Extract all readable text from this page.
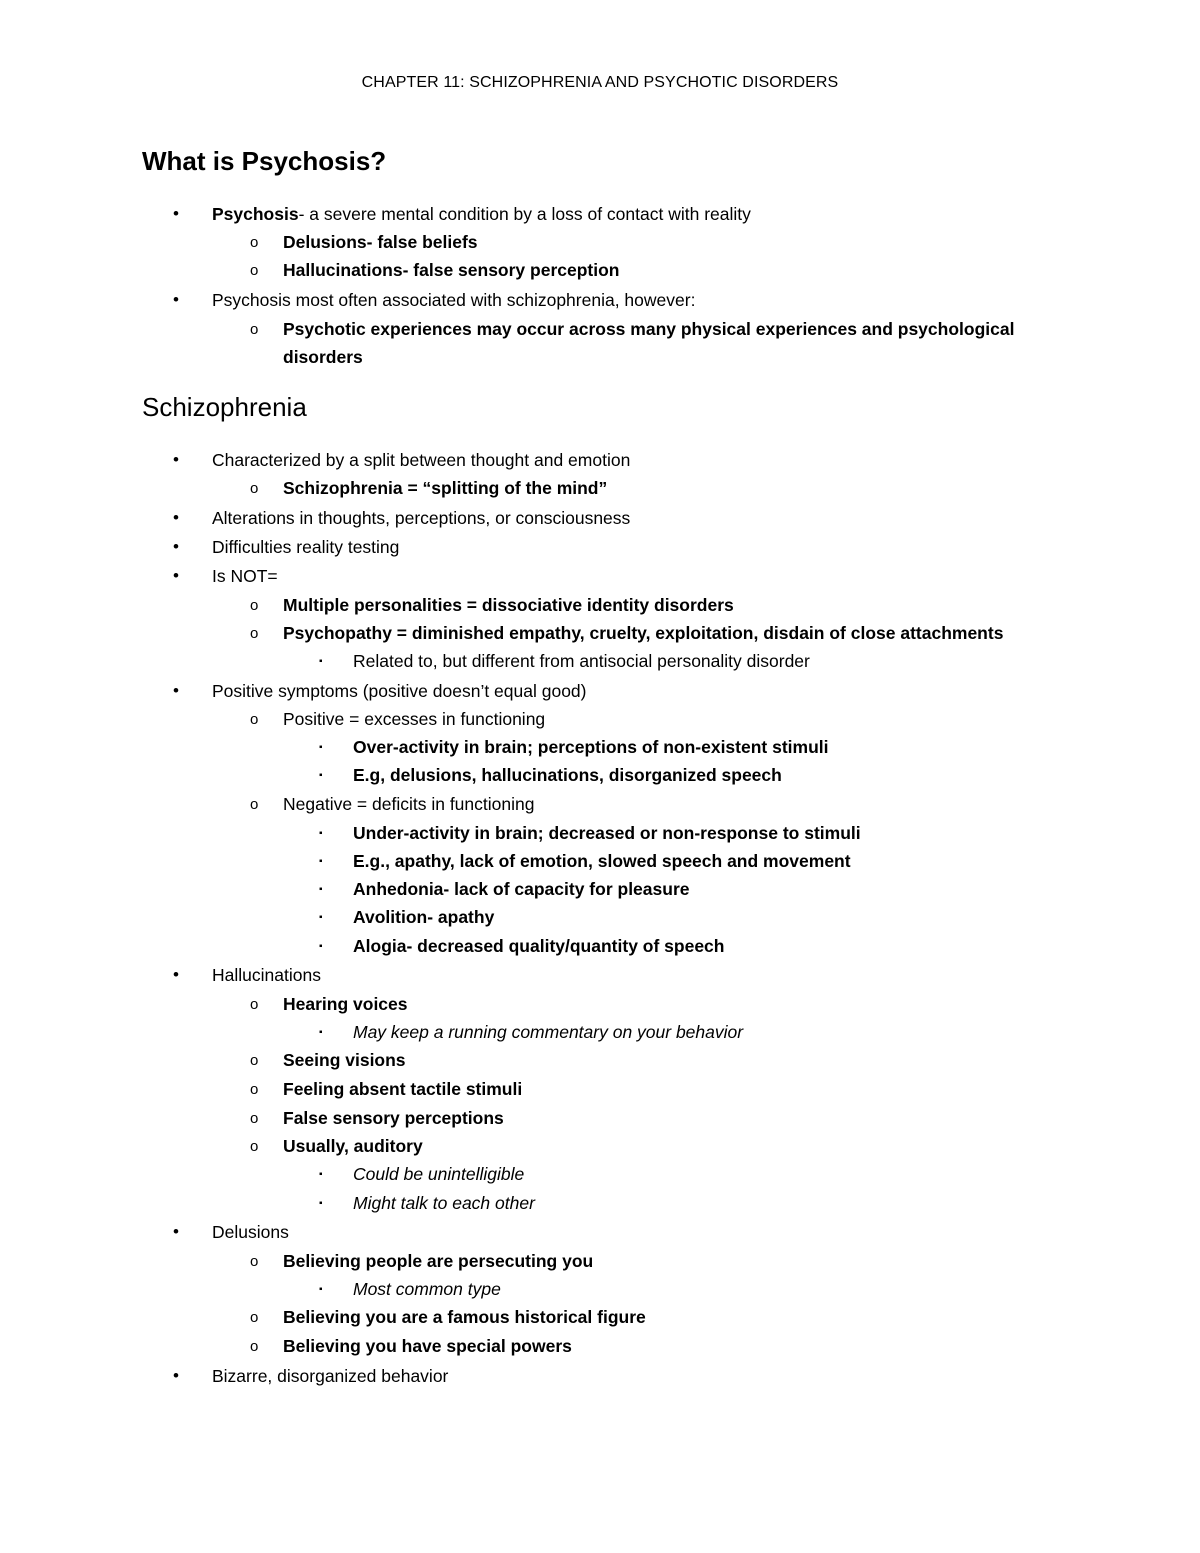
CHAPTER 11: SCHIZOPHRENIA AND PSYCHOTIC DISORDERS
What is Psychosis?
• Psychosis- a severe mental condition by a loss of contact with reality
o Delusions- false beliefs
o Hallucinations- false sensory perception
• Psychosis most often associated with schizophrenia, however:
o Psychotic experiences may occur across many physical experiences and psychological
disorders
Schizophrenia
• Characterized by a split between thought and emotion
o Schizophrenia = “splitting of the mind”
• Alterations in thoughts, perceptions, or consciousness
• Difficulties reality testing
• Is NOT=
o Multiple personalities = dissociative identity disorders
o Psychopathy = diminished empathy, cruelty, exploitation, disdain of close attachments
▪ Related to, but different from antisocial personality disorder
• Positive symptoms (positive doesn’t equal good)
o Positive = excesses in functioning
▪ Over-activity in brain; perceptions of non-existent stimuli
▪ E.g, delusions, hallucinations, disorganized speech
o Negative = deficits in functioning
▪ Under-activity in brain; decreased or non-response to stimuli
▪ E.g., apathy, lack of emotion, slowed speech and movement
▪ Anhedonia- lack of capacity for pleasure
▪ Avolition- apathy
▪ Alogia- decreased quality/quantity of speech
• Hallucinations
o Hearing voices
▪ May keep a running commentary on your behavior
o Seeing visions
o Feeling absent tactile stimuli
o False sensory perceptions
o Usually, auditory
▪ Could be unintelligible
▪ Might talk to each other
• Delusions
o Believing people are persecuting you
▪ Most common type
o Believing you are a famous historical figure
o Believing you have special powers
• Bizarre, disorganized behavior
